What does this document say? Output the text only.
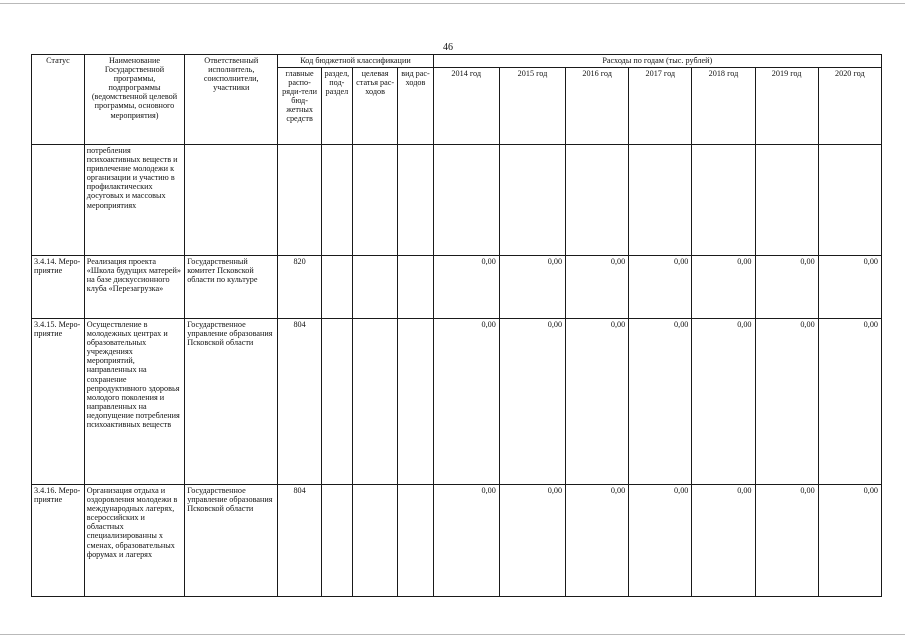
46
Статус	Наименование Государственной программы, подпрограммы (ведомственной целевой программы, основного мероприятия)	Ответственный исполнитель, соисполнители, участники	Код бюджетной классификации				Расходы по годам (тыс. рублей)						
			главные распо-ряди-тели бюд-жетных средств	раздел, под-раздел	целевая статья рас-ходов	вид рас-ходов	2014 год	2015 год	2016 год	2017 год	2018 год	2019 год	2020 год
	потребления психоактивных веществ и привлечение молодежи к организации и участию в профилактических досуговых и массовых мероприятиях												
3.4.14. Меро-приятие	Реализация проекта «Школа будущих матерей» на базе дискуссионного клуба «Перезагрузка»	Государственный комитет Псковской области по культуре	820				0,00	0,00	0,00	0,00	0,00	0,00	0,00
3.4.15. Меро-приятие	Осуществление в молодежных центрах и образовательных учреждениях мероприятий, направленных на сохранение репродуктивного здоровья молодого поколения и направленных на недопущение потребления психоактивных веществ	Государственное управление образования Псковской области	804				0,00	0,00	0,00	0,00	0,00	0,00	0,00
3.4.16. Меро-приятие	Организация отдыха и оздоровления молодежи в международных лагерях, всероссийских и областных специализированны х сменах, образовательных форумах и лагерях	Государственное управление образования Псковской области	804				0,00	0,00	0,00	0,00	0,00	0,00	0,00
